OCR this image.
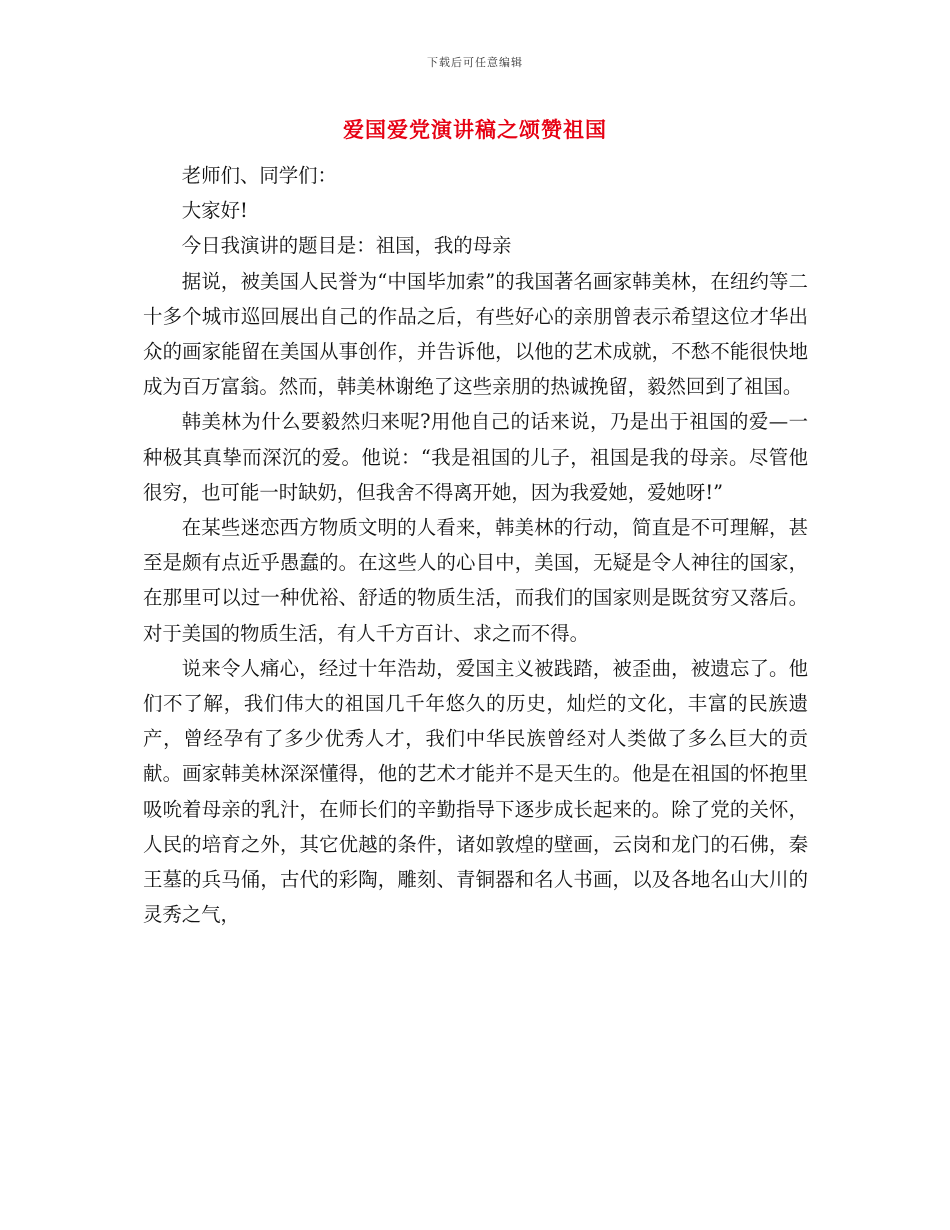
下载后可任意编辑
爱国爱党演讲稿之颂赞祖国

老师们、同学们：

大家好!

今日我演讲的题目是：祖国，我的母亲

据说，被美国人民誉为“中国毕加索”的我国著名画家韩美林，在纽约等二十多个城市巡回展出自己的作品之后，有些好心的亲朋曾表示希望这位才华出众的画家能留在美国从事创作，并告诉他，以他的艺术成就，不愁不能很快地成为百万富翁。然而，韩美林谢绝了这些亲朋的热诚挽留，毅然回到了祖国。

韩美林为什么要毅然归来呢?用他自己的话来说，乃是出于祖国的爱—一种极其真挚而深沉的爱。他说：“我是祖国的儿子，祖国是我的母亲。尽管他很穷，也可能一时缺奶，但我舍不得离开她，因为我爱她，爱她呀!”

在某些迷恋西方物质文明的人看来，韩美林的行动，简直是不可理解，甚至是颇有点近乎愚蠢的。在这些人的心目中，美国，无疑是令人神往的国家，在那里可以过一种优裕、舒适的物质生活，而我们的国家则是既贫穷又落后。对于美国的物质生活，有人千方百计、求之而不得。

说来令人痛心，经过十年浩劫，爱国主义被践踏，被歪曲，被遗忘了。他们不了解，我们伟大的祖国几千年悠久的历史，灿烂的文化，丰富的民族遗产，曾经孕有了多少优秀人才，我们中华民族曾经对人类做了多么巨大的贡献。画家韩美林深深懂得，他的艺术才能并不是天生的。他是在祖国的怀抱里吸吮着母亲的乳汁，在师长们的辛勤指导下逐步成长起来的。除了党的关怀，人民的培育之外，其它优越的条件，诸如敦煌的壁画，云岗和龙门的石佛，秦王墓的兵马俑，古代的彩陶，雕刻、青铜器和名人书画，以及各地名山大川的灵秀之气，
